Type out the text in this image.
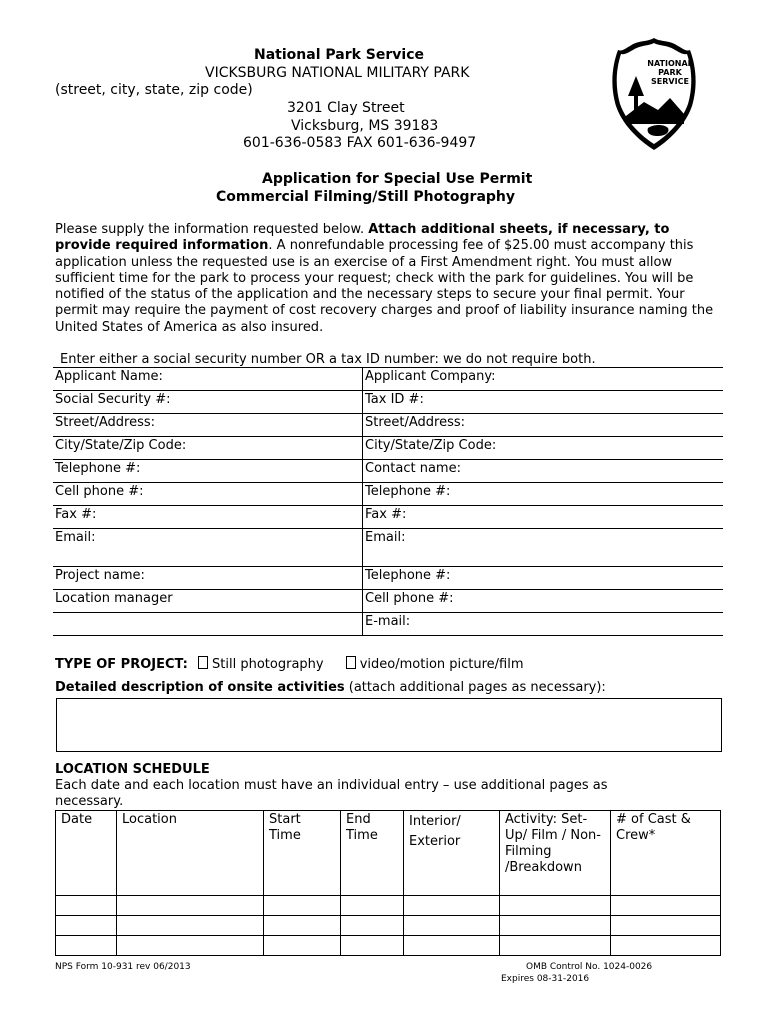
National Park Service
VICKSBURG NATIONAL MILITARY PARK
(street, city, state, zip code)
3201 Clay Street
Vicksburg, MS 39183
601-636-0583 FAX 601-636-9497
NATIONAL
PARK
SERVICE
Application for Special Use Permit
Commercial Filming/Still Photography
Please supply the information requested below. Attach additional sheets, if necessary, to provide required information. A nonrefundable processing fee of $25.00 must accompany this application unless the requested use is an exercise of a First Amendment right. You must allow sufficient time for the park to process your request; check with the park for guidelines. You will be notified of the status of the application and the necessary steps to secure your final permit. Your permit may require the payment of cost recovery charges and proof of liability insurance naming the United States of America as also insured.
Enter either a social security number OR a tax ID number: we do not require both.
Applicant Name:	Applicant Company:
Social Security #:	Tax ID #:
Street/Address:	Street/Address:
City/State/Zip Code:	City/State/Zip Code:
Telephone #:	Contact name:
Cell phone #:	Telephone #:
Fax #:	Fax #:
Email:	Email:
Project name:	Telephone #:
Location manager	Cell phone #:
	E-mail:
TYPE OF PROJECT: Still photography	video/motion picture/film
Detailed description of onsite activities (attach additional pages as necessary):
LOCATION SCHEDULE
Each date and each location must have an individual entry – use additional pages as necessary.
Date	Location	Start Time	End Time	Interior/ Exterior	Activity: Set-Up/ Film / Non-Filming /Breakdown	# of Cast & Crew*

NPS Form 10-931 rev 06/2013	OMB Control No. 1024-0026
Expires 08-31-2016
